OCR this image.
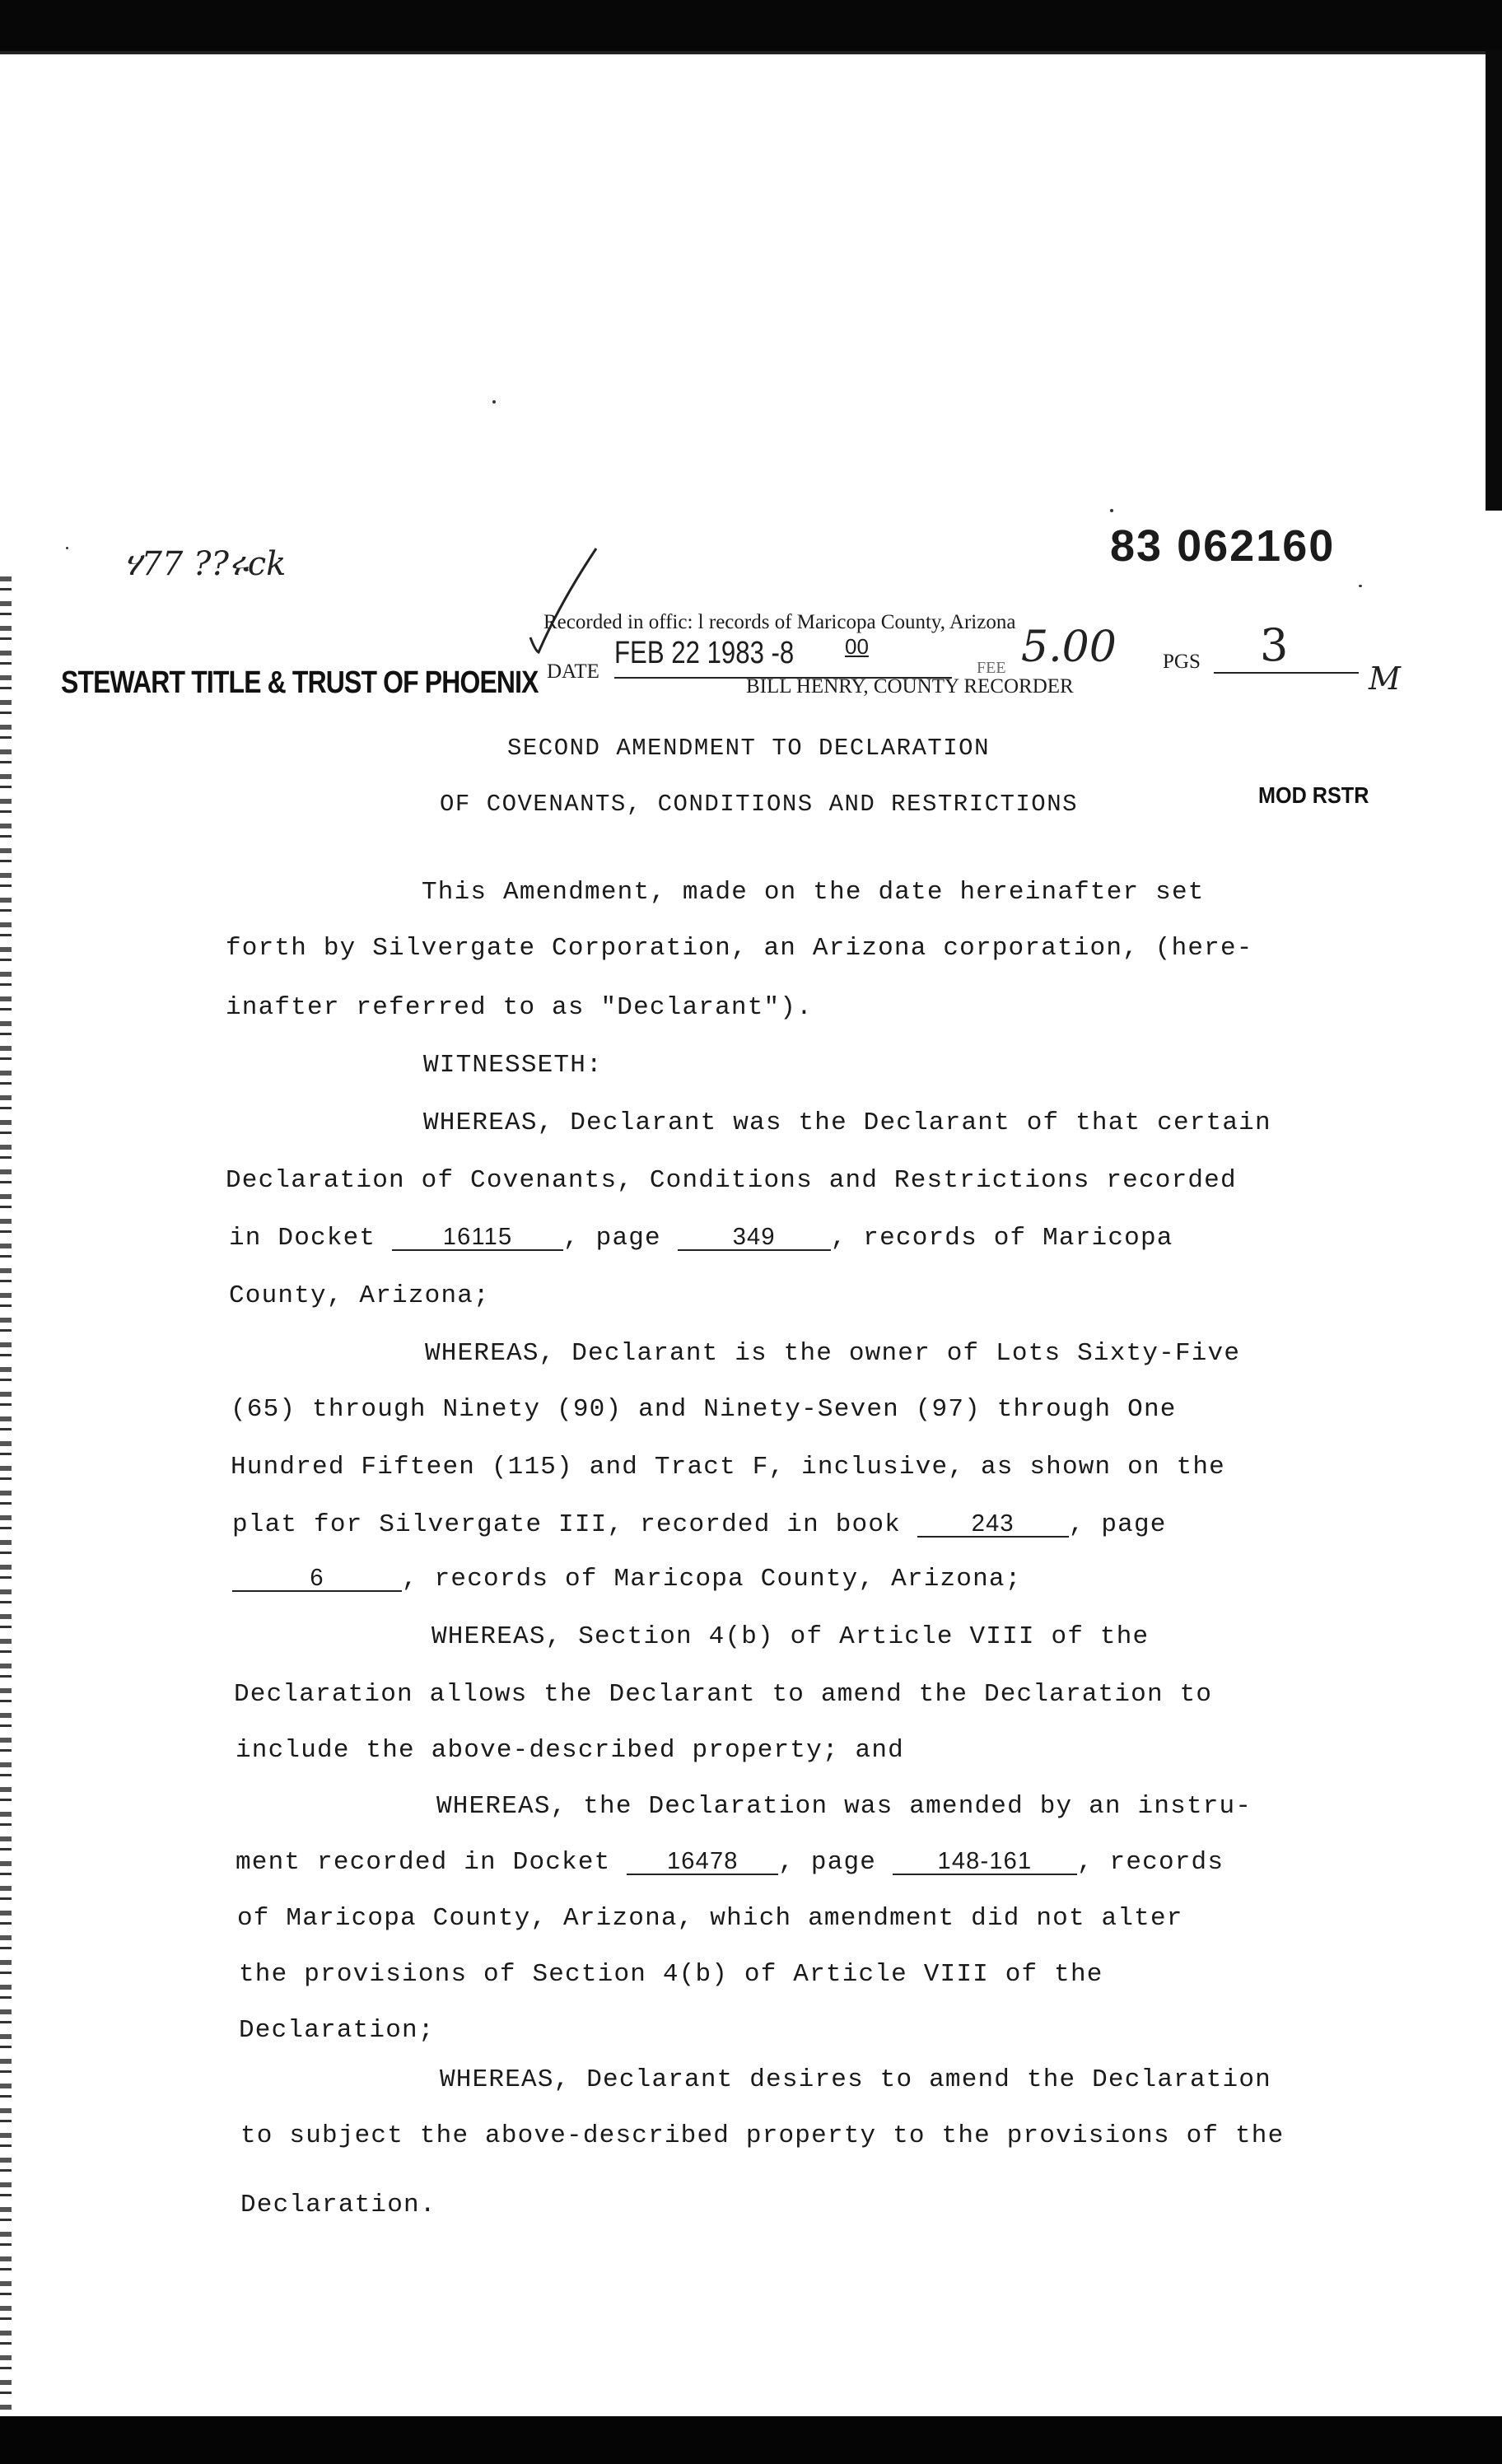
ሃ77 ??ሩck	83 062160
Recorded in offic: l records of Maricopa County, Arizona
STEWART TITLE & TRUST OF PHOENIX DATE
FEB 22 1983 -8 00
FEE 5.00 PGS 3
M
BILL HENRY, COUNTY RECORDER
SECOND AMENDMENT TO DECLARATION
OF COVENANTS, CONDITIONS AND RESTRICTIONS	MOD RSTR
This Amendment, made on the date hereinafter set
forth by Silvergate Corporation, an Arizona corporation, (here-
inafter referred to as "Declarant").
WITNESSETH:
WHEREAS, Declarant was the Declarant of that certain
Declaration of Covenants, Conditions and Restrictions recorded
in Docket	16115 , page	349 , records of Maricopa
County, Arizona;
WHEREAS, Declarant is the owner of Lots Sixty-Five
(65) through Ninety (90) and Ninety-Seven (97) through One
Hundred Fifteen (115) and Tract F, inclusive, as shown on the
plat for Silvergate III, recorded in book	243 , page
6	, records of Maricopa County, Arizona;
WHEREAS, Section 4(b) of Article VIII of the
Declaration allows the Declarant to amend the Declaration to
include the above-described property; and
WHEREAS, the Declaration was amended by an instru-
ment recorded in Docket 16478 , page	148-161 , records
of Maricopa County, Arizona, which amendment did not alter
the provisions of Section 4(b) of Article VIII of the
Declaration;
WHEREAS, Declarant desires to amend the Declaration
to subject the above-described property to the provisions of the
Declaration.
